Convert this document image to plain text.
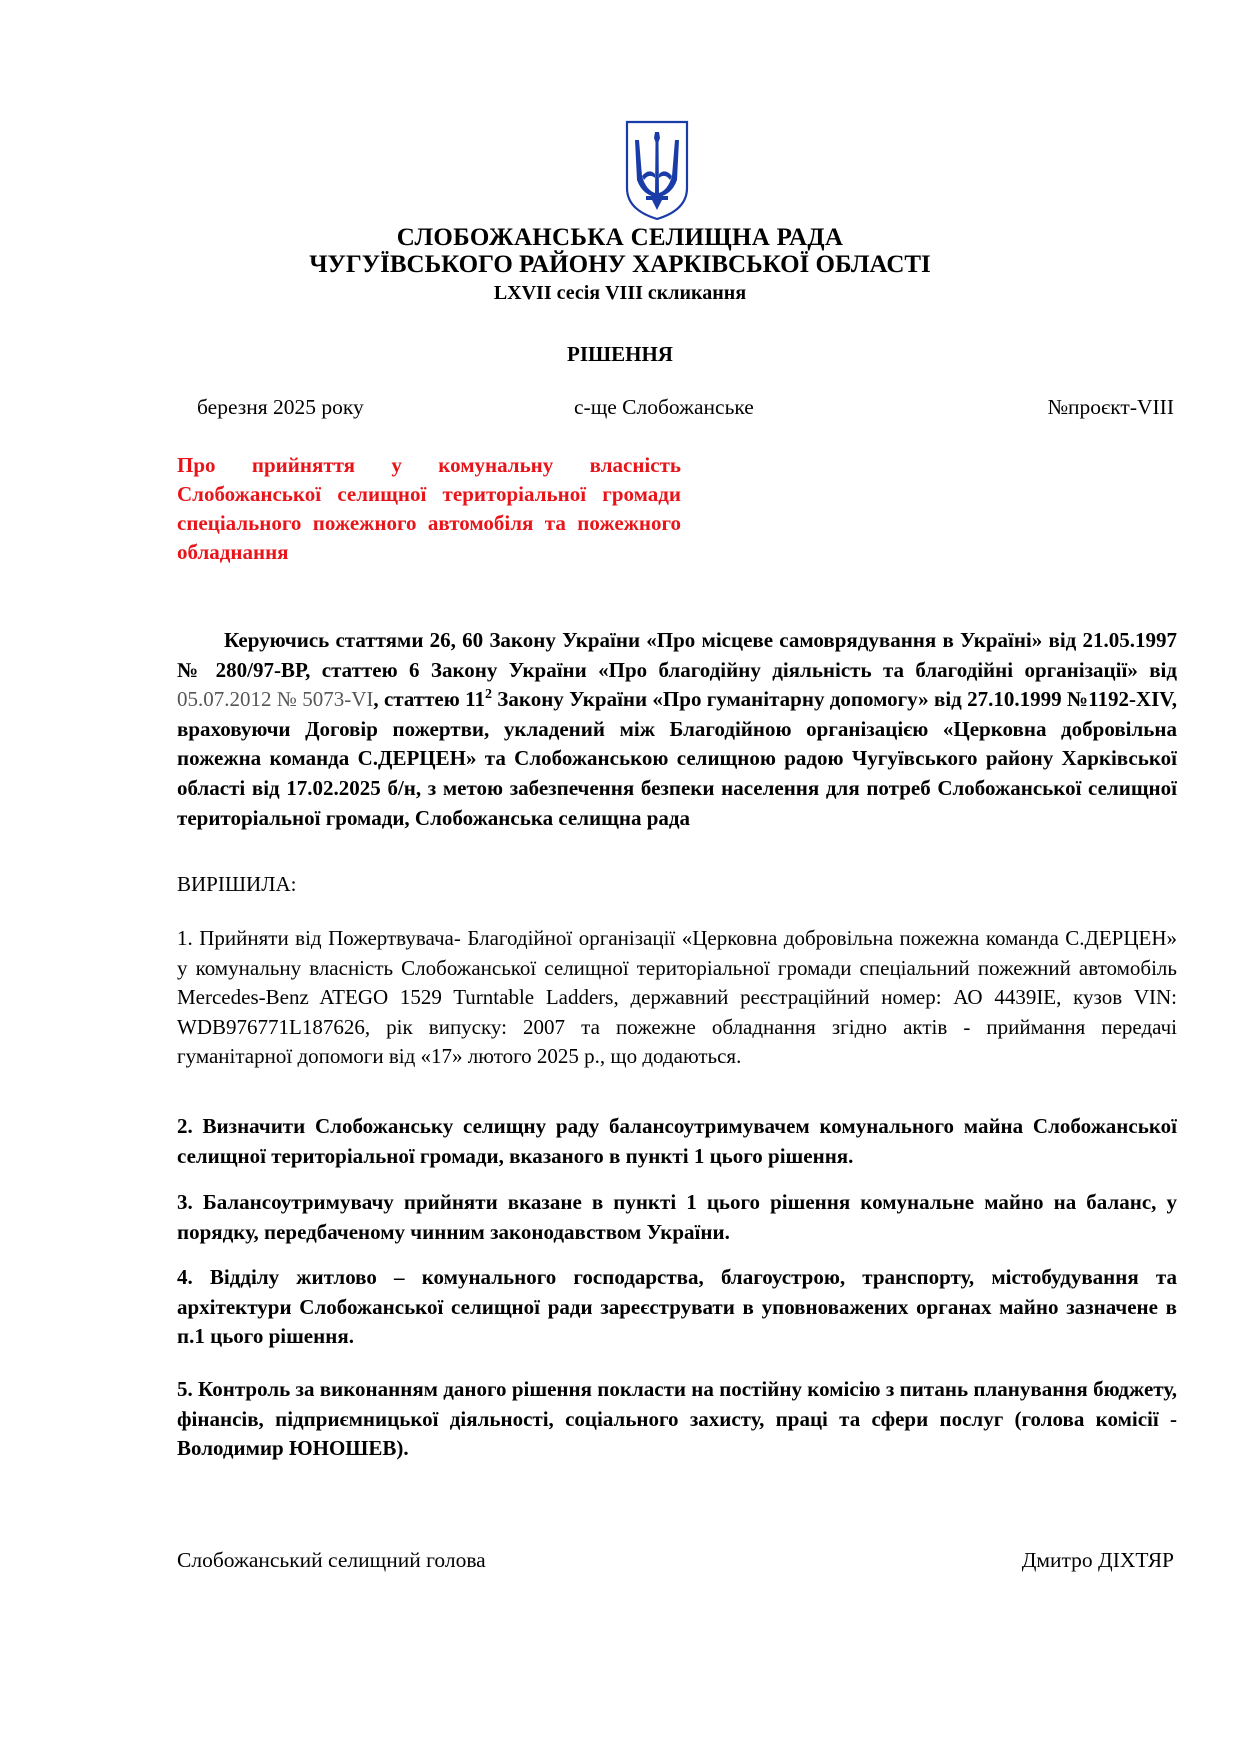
СЛОБОЖАНСЬКА СЕЛИЩНА РАДА
ЧУГУЇВСЬКОГО РАЙОНУ ХАРКІВСЬКОЇ ОБЛАСТІ
LXVII сесія VIII скликання
РІШЕННЯ
березня 2025 року	с-ще Слобожанське	№проєкт-VIII
Про прийняття у комунальну власність Слобожанської селищної територіальної громади спеціального пожежного автомобіля та пожежного обладнання
Керуючись статтями 26, 60 Закону України «Про місцеве самоврядування в Україні» від 21.05.1997 № 280/97-ВР, статтею 6 Закону України «Про благодійну діяльність та благодійні організації» від 05.07.2012 № 5073-VI, статтею $11^2$ Закону України «Про гуманітарну допомогу» від 27.10.1999 №1192-XIV, враховуючи Договір пожертви, укладений між Благодійною організацією «Церковна добровільна пожежна команда С.ДЕРЦЕН» та Слобожанською селищною радою Чугуївського району Харківської області від 17.02.2025 б/н, з метою забезпечення безпеки населення для потреб Слобожанської селищної територіальної громади, Слобожанська селищна рада
ВИРІШИЛА:
1. Прийняти від Пожертвувача- Благодійної організації «Церковна добровільна пожежна команда С.ДЕРЦЕН» у комунальну власність Слобожанської селищної територіальної громади спеціальний пожежний автомобіль Mercedes-Benz ATEGO 1529 Turntable Ladders, державний реєстраційний номер: АО 4439ІЕ, кузов VIN: WDB976771L187626, рік випуску: 2007 та пожежне обладнання згідно актів - приймання передачі гуманітарної допомоги від «17» лютого 2025 р., що додаються.
2. Визначити Слобожанську селищну раду балансоутримувачем комунального майна Слобожанської селищної територіальної громади, вказаного в пункті 1 цього рішення.
3. Балансоутримувачу прийняти вказане в пункті 1 цього рішення комунальне майно на баланс, у порядку, передбаченому чинним законодавством України.
4. Відділу житлово – комунального господарства, благоустрою, транспорту, містобудування та архітектури Слобожанської селищної ради зареєструвати в уповноважених органах майно зазначене в п.1 цього рішення.
5. Контроль за виконанням даного рішення покласти на постійну комісію з питань планування бюджету, фінансів, підприємницької діяльності, соціального захисту, праці та сфери послуг (голова комісії - Володимир ЮНОШЕВ).
Слобожанський селищний голова	Дмитро ДІХТЯР
